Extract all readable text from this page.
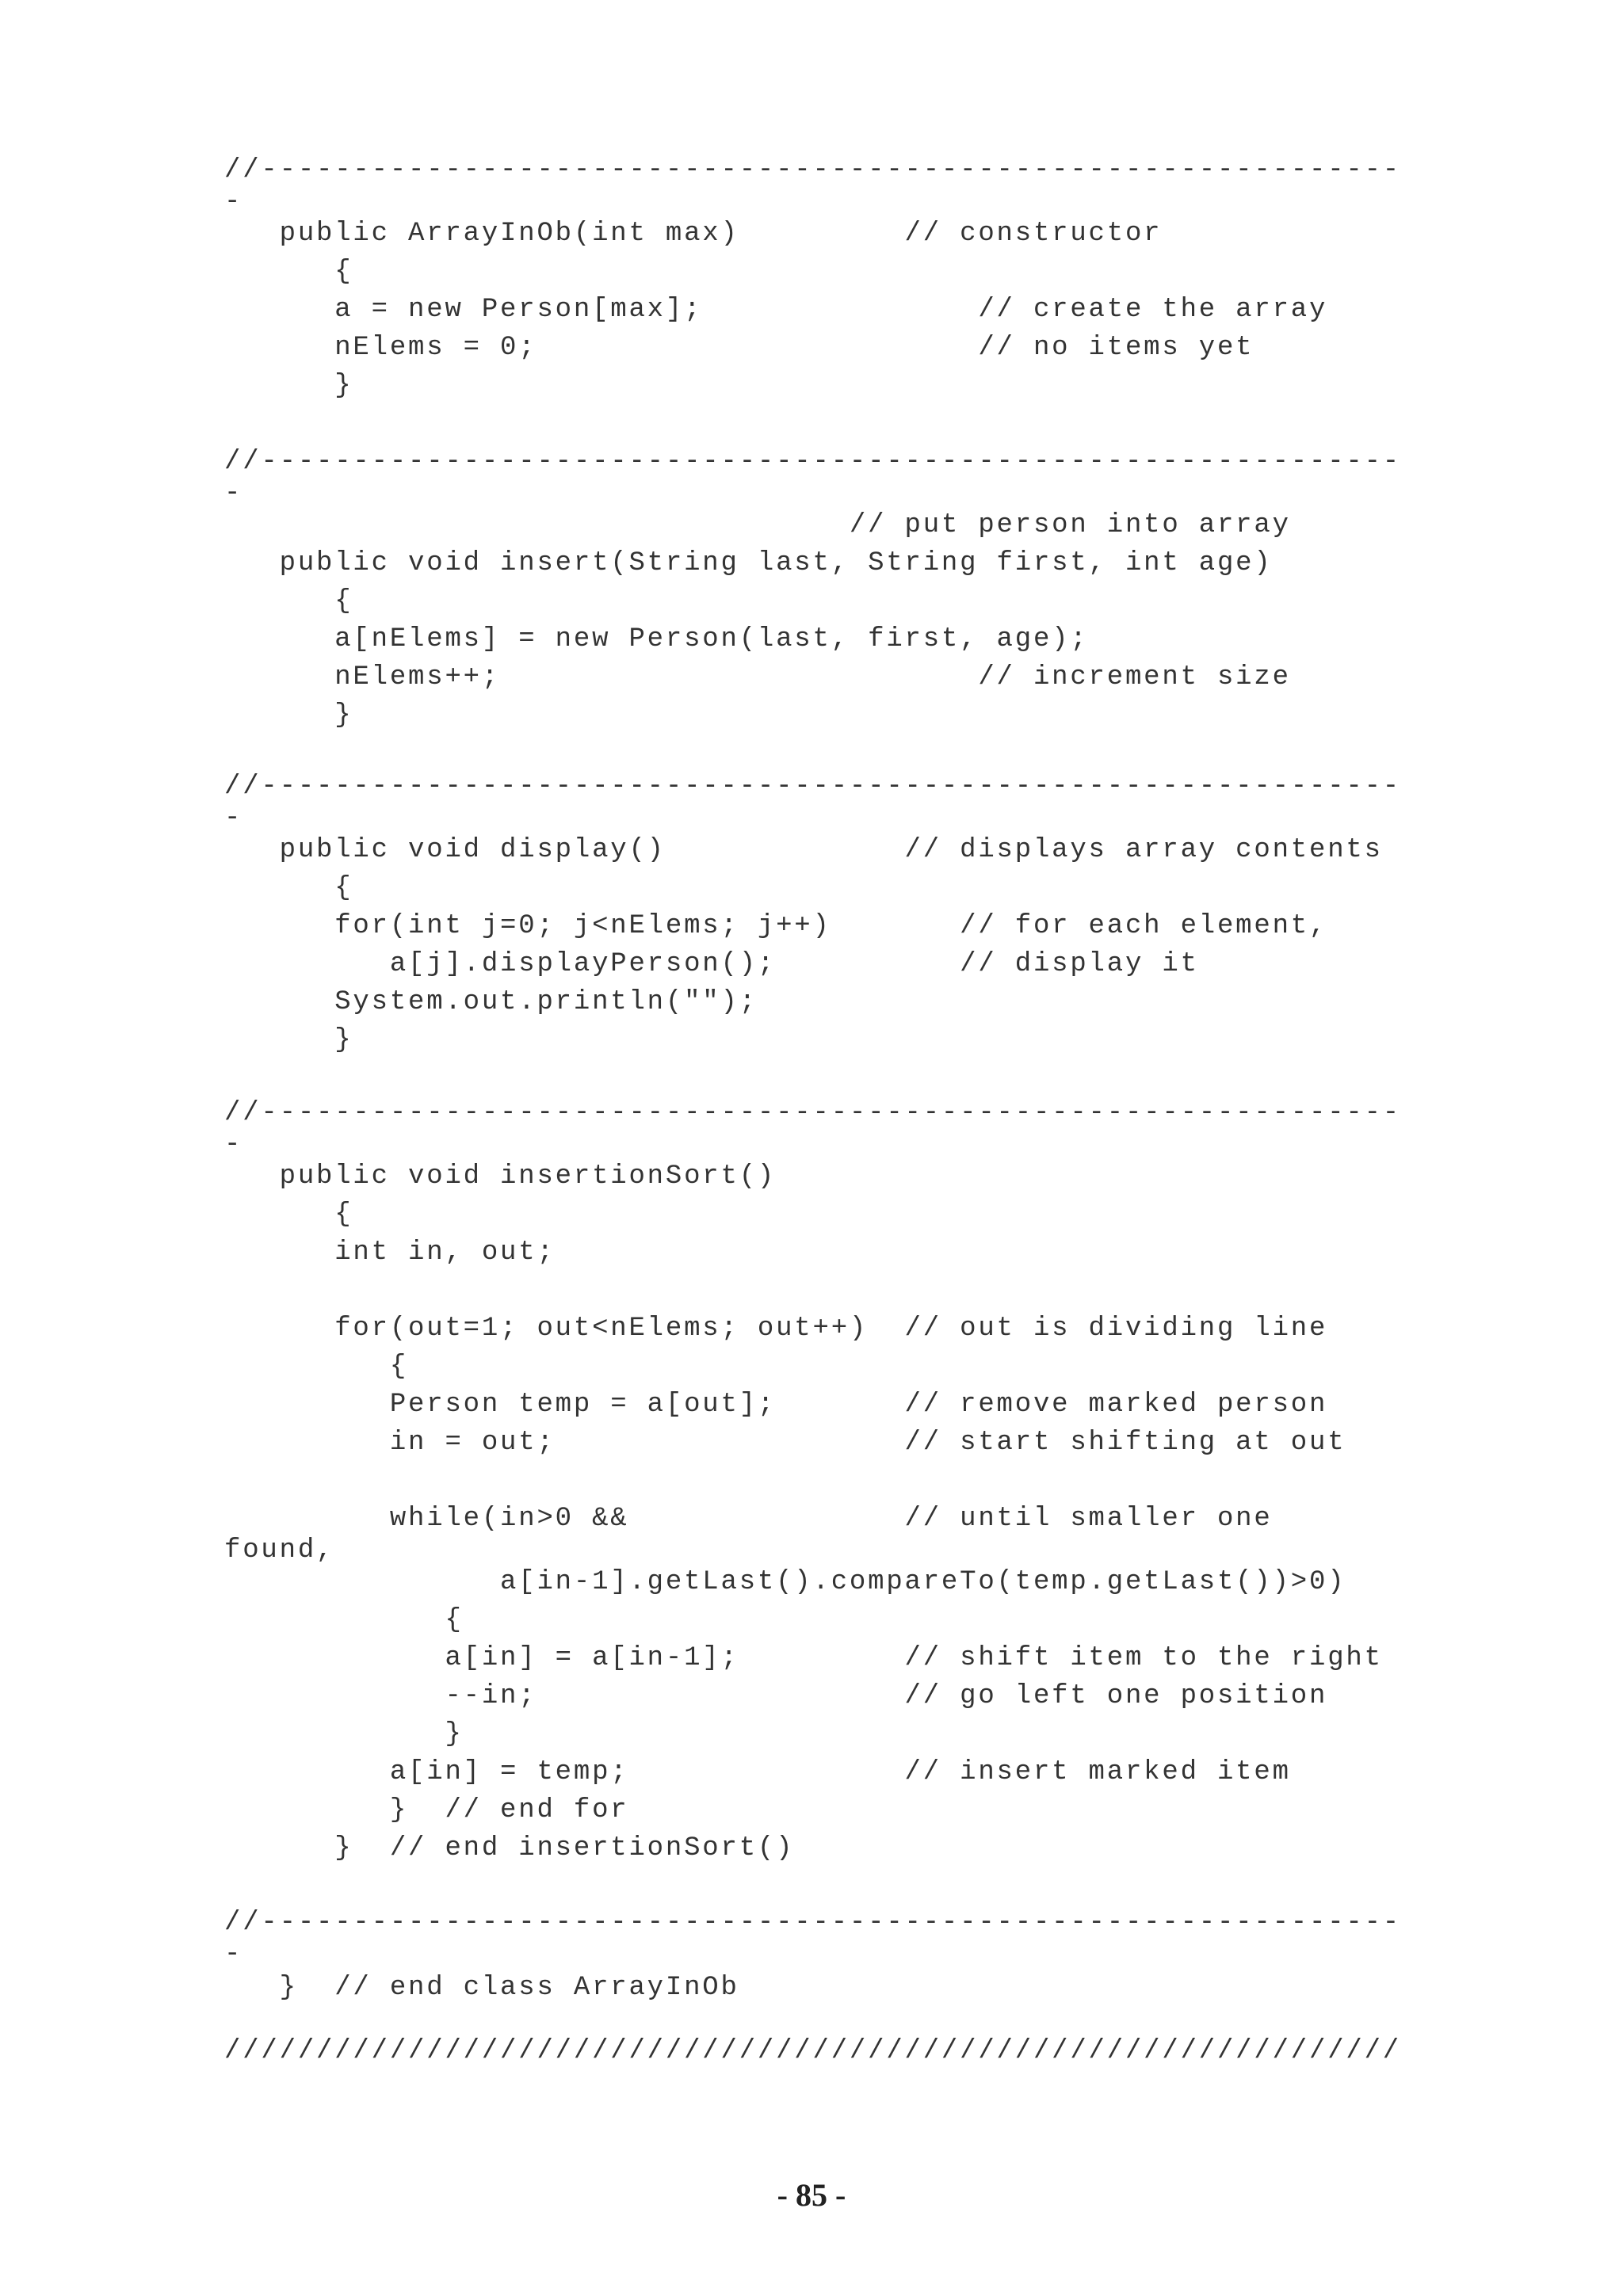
//--------------------------------------------------------------
-
public ArrayInOb(int max)         // constructor
{
a = new Person[max];               // create the array
nElems = 0;                        // no items yet
}
//--------------------------------------------------------------
-
// put person into array
public void insert(String last, String first, int age)
{
a[nElems] = new Person(last, first, age);
nElems++;                          // increment size
}
//--------------------------------------------------------------
-
public void display()             // displays array contents
{
for(int j=0; j<nElems; j++)       // for each element,
a[j].displayPerson();          // display it
System.out.println("");
}
//--------------------------------------------------------------
-
public void insertionSort()
{
int in, out;
for(out=1; out<nElems; out++)  // out is dividing line
{
Person temp = a[out];       // remove marked person
in = out;                   // start shifting at out
while(in>0 &&               // until smaller one
found,
a[in-1].getLast().compareTo(temp.getLast())>0)
{
a[in] = a[in-1];         // shift item to the right
--in;                    // go left one position
}
a[in] = temp;               // insert marked item
}  // end for
}  // end insertionSort()
//--------------------------------------------------------------
-
}  // end class ArrayInOb
////////////////////////////////////////////////////////////////
- 85 -
